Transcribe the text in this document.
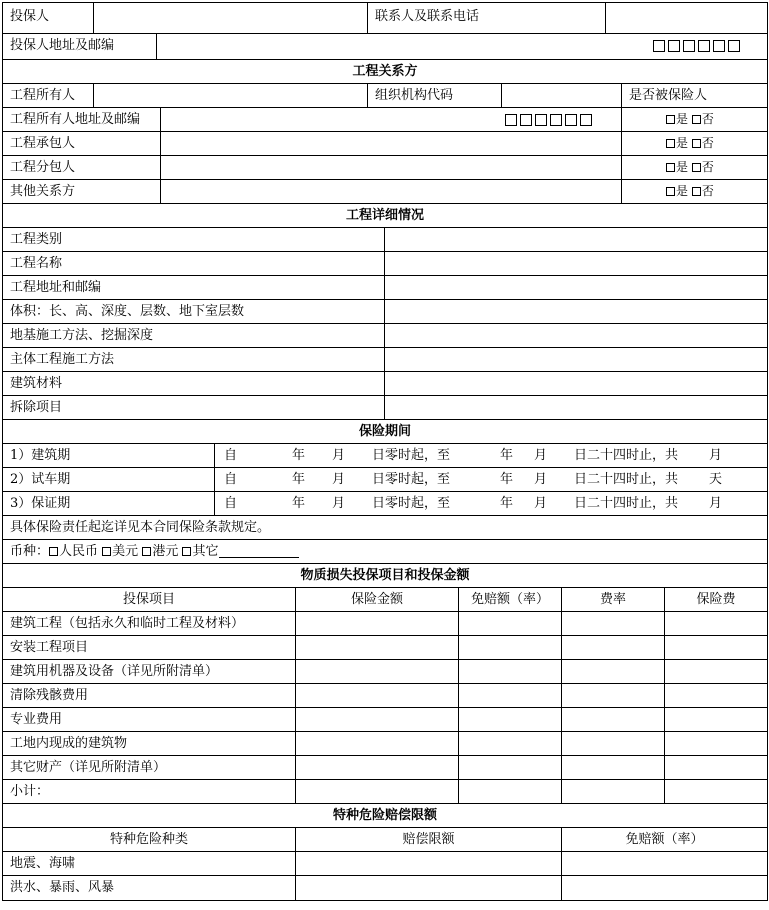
投保人	联系人及联系电话
投保人地址及邮编
工程关系方
工程所有人	组织机构代码	是否被保险人
工程所有人地址及邮编	是 否
工程承包人	是 否
工程分包人	是 否
其他关系方	是 否
工程详细情况
工程类别
工程名称
工程地址和邮编
体积：长、高、深度、层数、地下室层数
地基施工方法、挖掘深度
主体工程施工方法
建筑材料
拆除项目
保险期间
1）建筑期	自	年 月 日零时起，至	年 月 日二十四时止，共 月
2）试车期	自	年 月 日零时起，至	年 月 日二十四时止，共 天
3）保证期	自	年 月 日零时起，至	年 月 日二十四时止，共 月
具体保险责任起迄详见本合同保险条款规定。
币种： 人民币 美元 港元 其它
物质损失投保项目和投保金额
投保项目	保险金额	免赔额（率）	费率	保险费
建筑工程（包括永久和临时工程及材料）
安装工程项目
建筑用机器及设备（详见所附清单）
清除残骸费用
专业费用
工地内现成的建筑物
其它财产（详见所附清单）
小计：
特种危险赔偿限额
特种危险种类	赔偿限额	免赔额（率）
地震、海啸
洪水、暴雨、风暴
